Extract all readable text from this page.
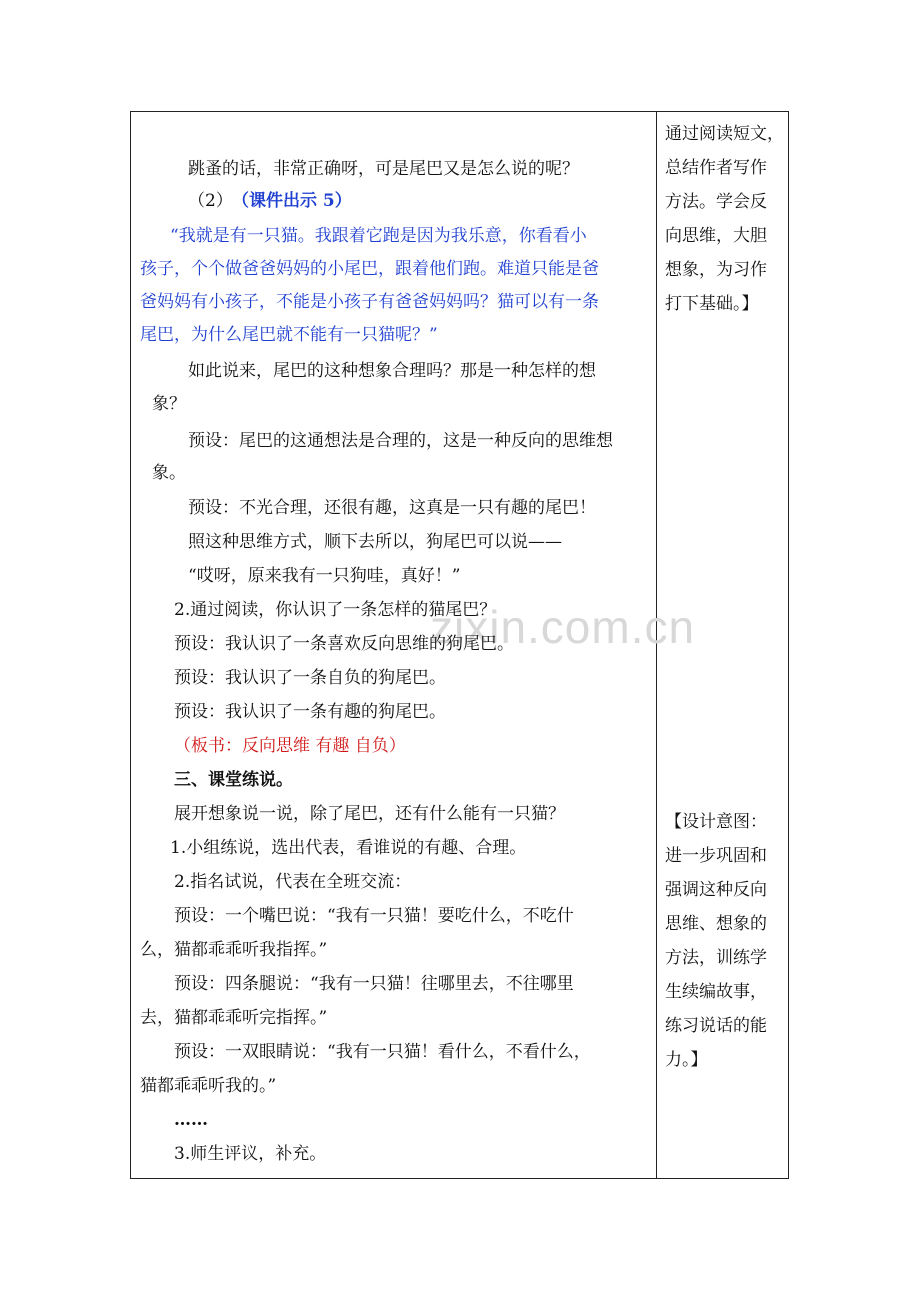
zixin.com.cn
跳蚤的话，非常正确呀，可是尾巴又是怎么说的呢？
（2） （课件出示 5）
“我就是有一只猫。我跟着它跑是因为我乐意，你看看小
孩子，个个做爸爸妈妈的小尾巴，跟着他们跑。难道只能是爸
爸妈妈有小孩子，不能是小孩子有爸爸妈妈吗？猫可以有一条
尾巴，为什么尾巴就不能有一只猫呢？”
如此说来，尾巴的这种想象合理吗？那是一种怎样的想
象？
预设：尾巴的这通想法是合理的，这是一种反向的思维想
象。
预设：不光合理，还很有趣，这真是一只有趣的尾巴！
照这种思维方式，顺下去所以，狗尾巴可以说——
“哎呀，原来我有一只狗哇，真好！”
2.通过阅读，你认识了一条怎样的猫尾巴？
预设：我认识了一条喜欢反向思维的狗尾巴。
预设：我认识了一条自负的狗尾巴。
预设：我认识了一条有趣的狗尾巴。
（板书：反向思维 有趣 自负）
三、课堂练说。
展开想象说一说，除了尾巴，还有什么能有一只猫？
1.小组练说，选出代表，看谁说的有趣、合理。
2.指名试说，代表在全班交流：
预设：一个嘴巴说：“我有一只猫！要吃什么，不吃什
么，猫都乖乖听我指挥。”
预设：四条腿说：“我有一只猫！往哪里去，不往哪里
去，猫都乖乖听完指挥。”
预设：一双眼睛说：“我有一只猫！看什么，不看什么，
猫都乖乖听我的。”
……
3.师生评议，补充。
通过阅读短文，
总结作者写作
方法。学会反
向思维，大胆
想象，为习作
打下基础。】
【设计意图：
进一步巩固和
强调这种反向
思维、想象的
方法，训练学
生续编故事，
练习说话的能
力。】
